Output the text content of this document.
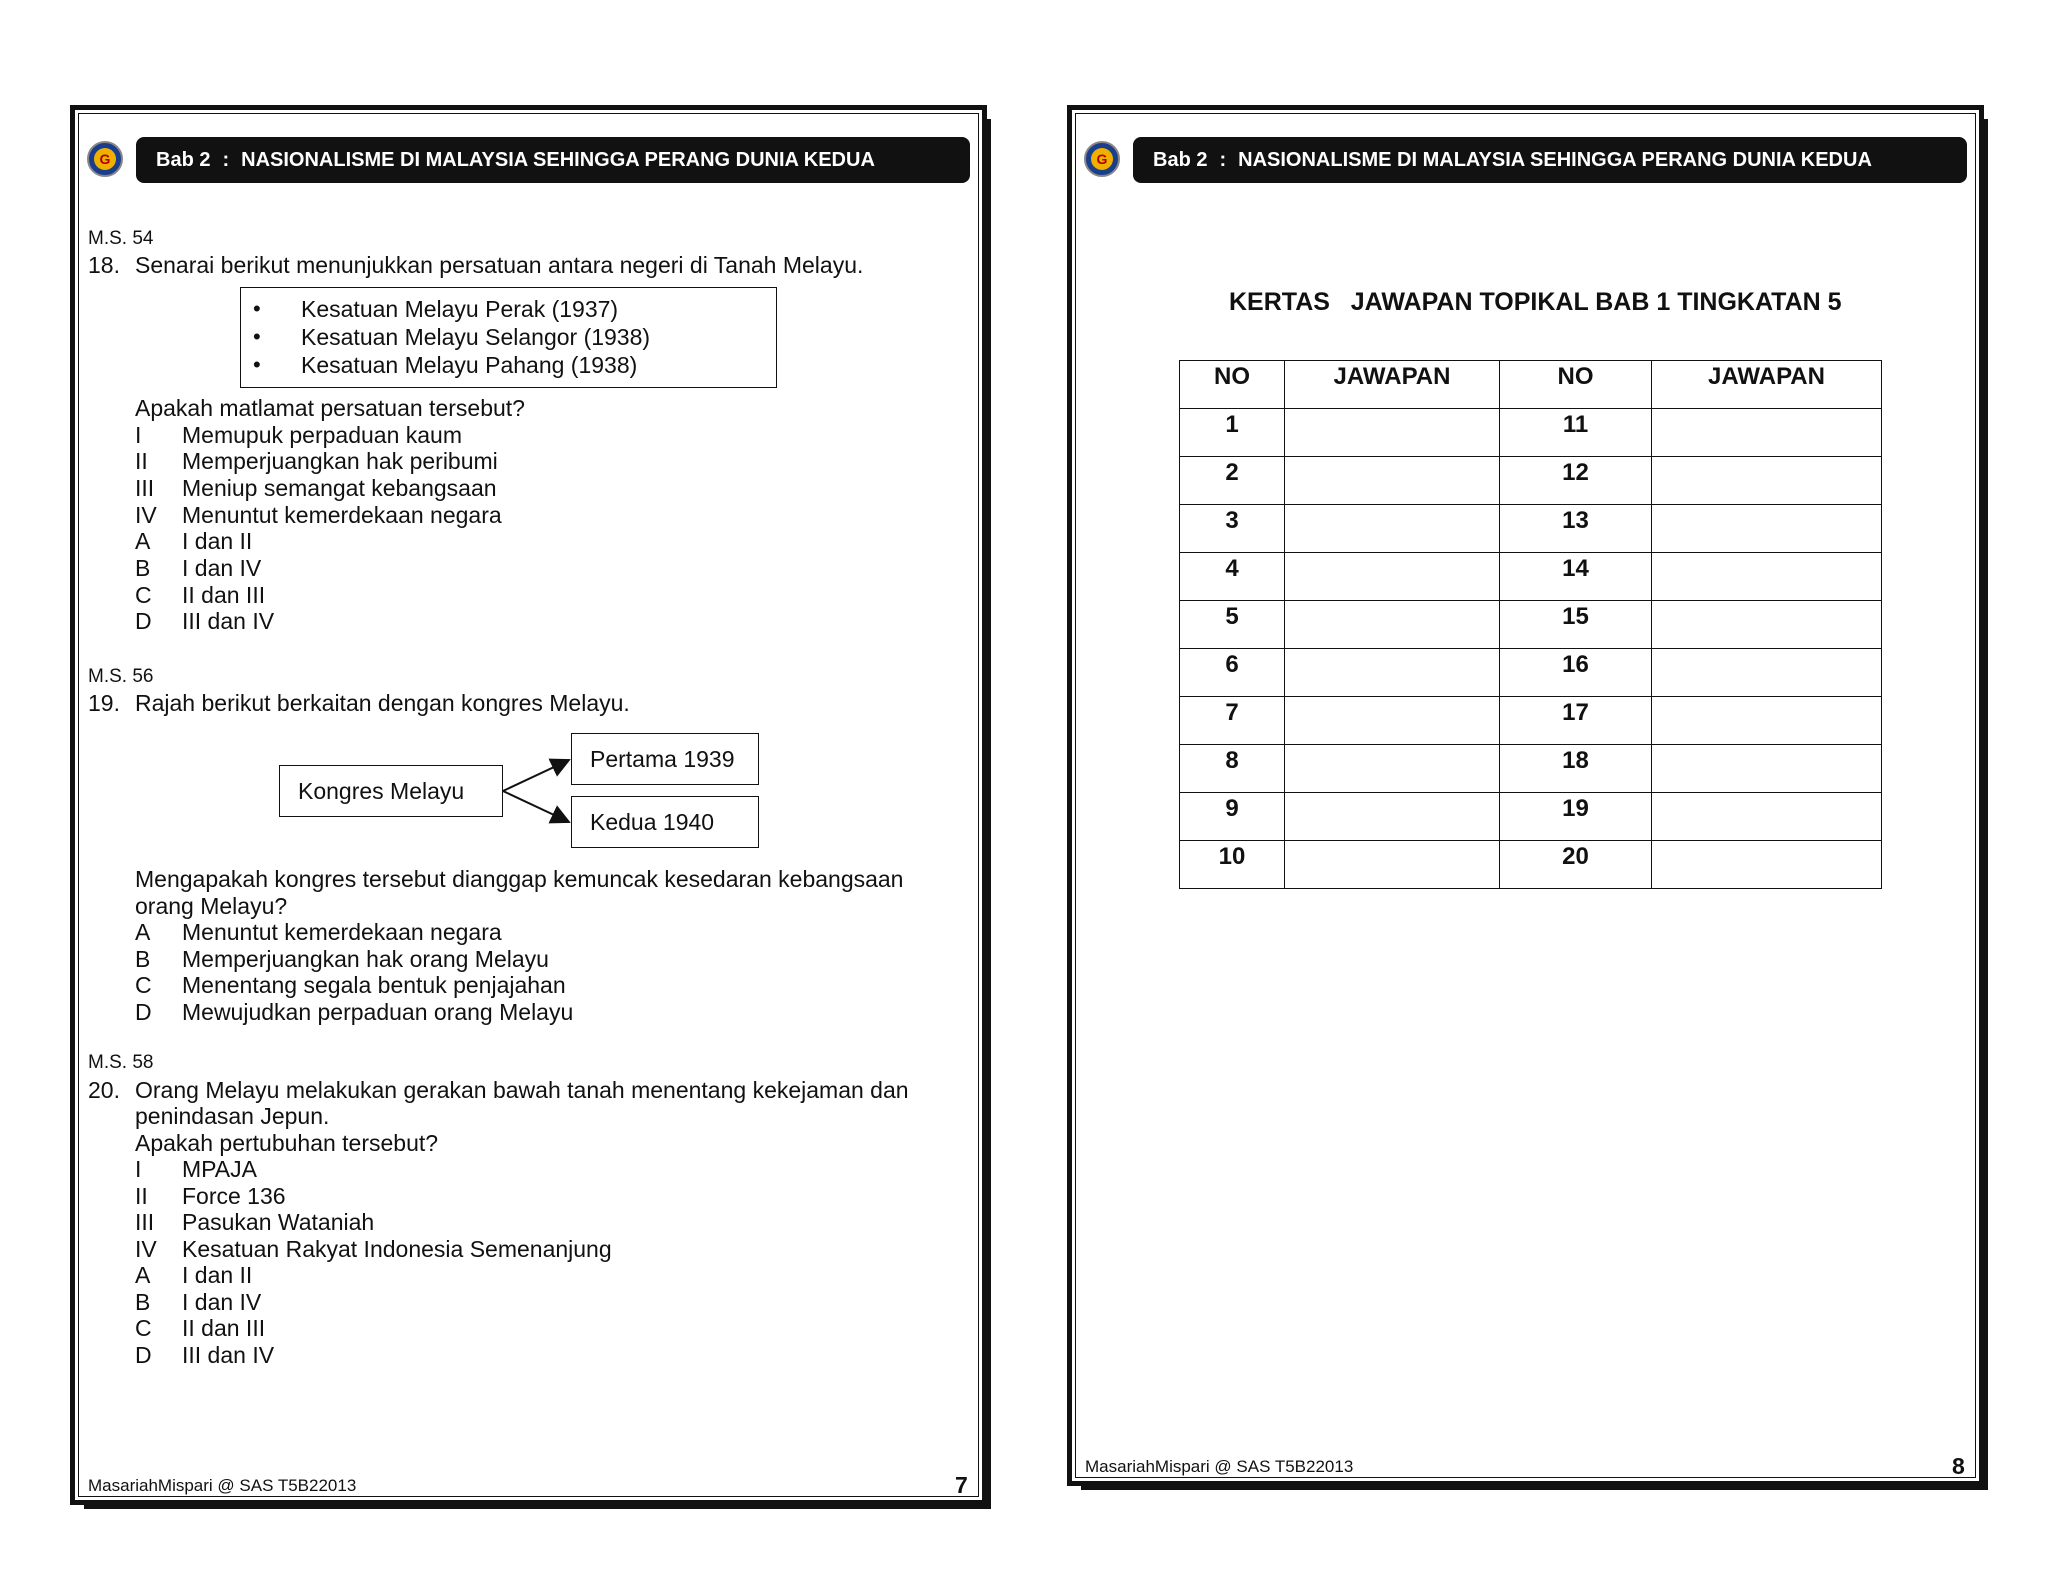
G	Bab 2 : NASIONALISME DI MALAYSIA SEHINGGA PERANG DUNIA KEDUA
M.S. 54
18. Senarai berikut menunjukkan persatuan antara negeri di Tanah Melayu.
• Kesatuan Melayu Perak (1937)
• Kesatuan Melayu Selangor (1938)
• Kesatuan Melayu Pahang (1938)
Apakah matlamat persatuan tersebut?
I Memupuk perpaduan kaum
II Memperjuangkan hak peribumi
III Meniup semangat kebangsaan
IV Menuntut kemerdekaan negara
A I dan II
B I dan IV
C II dan III
D III dan IV
M.S. 56
19. Rajah berikut berkaitan dengan kongres Melayu.
Kongres Melayu
Pertama 1939
Kedua 1940
Mengapakah kongres tersebut dianggap kemuncak kesedaran kebangsaan
orang Melayu?
A Menuntut kemerdekaan negara
B Memperjuangkan hak orang Melayu
C Menentang segala bentuk penjajahan
D Mewujudkan perpaduan orang Melayu
M.S. 58
20. Orang Melayu melakukan gerakan bawah tanah menentang kekejaman dan
penindasan Jepun.
Apakah pertubuhan tersebut?
I MPAJA
II Force 136
III Pasukan Wataniah
IV Kesatuan Rakyat Indonesia Semenanjung
A I dan II
B I dan IV
C II dan III
D III dan IV
MasariahMispari @ SAS T5B22013	7
G	Bab 2 : NASIONALISME DI MALAYSIA SEHINGGA PERANG DUNIA KEDUA
KERTAS   JAWAPAN TOPIKAL BAB 1 TINGKATAN 5
NO	JAWAPAN	NO	JAWAPAN
1		11	
2		12	
3		13	
4		14	
5		15	
6		16	
7		17	
8		18	
9		19	
10		20	
MasariahMispari @ SAS T5B22013	8
